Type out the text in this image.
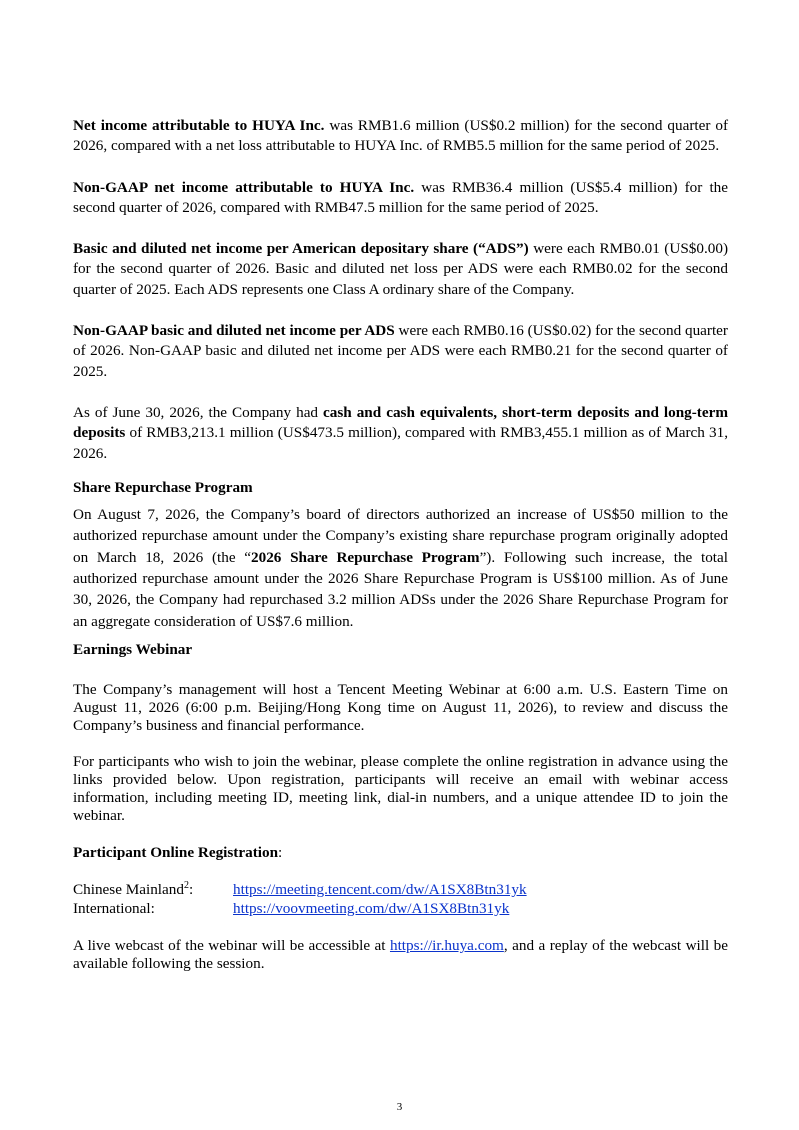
Net income attributable to HUYA Inc. was RMB1.6 million (US$0.2 million) for the second quarter of 2026, compared with a net loss attributable to HUYA Inc. of RMB5.5 million for the same period of 2025.

Non-GAAP net income attributable to HUYA Inc. was RMB36.4 million (US$5.4 million) for the second quarter of 2026, compared with RMB47.5 million for the same period of 2025.

Basic and diluted net income per American depositary share (“ADS”) were each RMB0.01 (US$0.00) for the second quarter of 2026. Basic and diluted net loss per ADS were each RMB0.02 for the second quarter of 2025. Each ADS represents one Class A ordinary share of the Company.

Non-GAAP basic and diluted net income per ADS were each RMB0.16 (US$0.02) for the second quarter of 2026. Non-GAAP basic and diluted net income per ADS were each RMB0.21 for the second quarter of 2025.

As of June 30, 2026, the Company had cash and cash equivalents, short-term deposits and long-term deposits of RMB3,213.1 million (US$473.5 million), compared with RMB3,455.1 million as of March 31, 2026.

Share Repurchase Program

On August 7, 2026, the Company’s board of directors authorized an increase of US$50 million to the authorized repurchase amount under the Company’s existing share repurchase program originally adopted on March 18, 2026 (the “2026 Share Repurchase Program”). Following such increase, the total authorized repurchase amount under the 2026 Share Repurchase Program is US$100 million. As of June 30, 2026, the Company had repurchased 3.2 million ADSs under the 2026 Share Repurchase Program for an aggregate consideration of US$7.6 million.

Earnings Webinar

The Company’s management will host a Tencent Meeting Webinar at 6:00 a.m. U.S. Eastern Time on August 11, 2026 (6:00 p.m. Beijing/Hong Kong time on August 11, 2026), to review and discuss the Company’s business and financial performance.

For participants who wish to join the webinar, please complete the online registration in advance using the links provided below. Upon registration, participants will receive an email with webinar access information, including meeting ID, meeting link, dial-in numbers, and a unique attendee ID to join the webinar.

Participant Online Registration:

Chinese Mainland$^2$:	https://meeting.tencent.com/dw/A1SX8Btn31yk
International:	https://voovmeeting.com/dw/A1SX8Btn31yk

A live webcast of the webinar will be accessible at https://ir.huya.com, and a replay of the webcast will be available following the session.

3
